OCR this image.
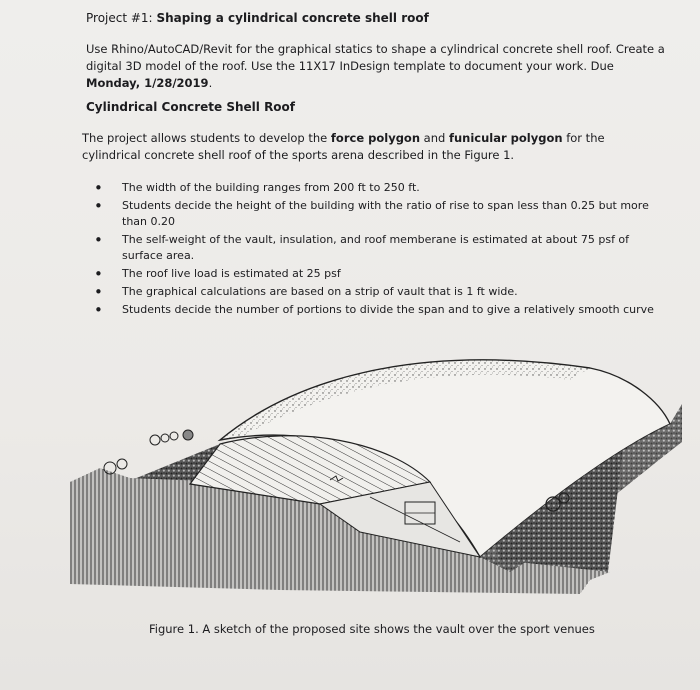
Project #1: Shaping a cylindrical concrete shell roof
Use Rhino/AutoCAD/Revit for the graphical statics to shape a cylindrical concrete shell roof. Create a digital 3D model of the roof. Use the 11X17 InDesign template to document your work. Due Monday, 1/28/2019.
Cylindrical Concrete Shell Roof
The project allows students to develop the force polygon and funicular polygon for the cylindrical concrete shell roof of the sports arena described in the Figure 1.
• The width of the building ranges from 200 ft to 250 ft.
• Students decide the height of the building with the ratio of rise to span less than 0.25 but more than 0.20
• The self-weight of the vault, insulation, and roof memberane is estimated at about 75 psf of surface area.
• The roof live load is estimated at 25 psf
• The graphical calculations are based on a strip of vault that is 1 ft wide.
• Students decide the number of portions to divide the span and to give a relatively smooth curve
Figure 1. A sketch of the proposed site shows the vault over the sport venues
